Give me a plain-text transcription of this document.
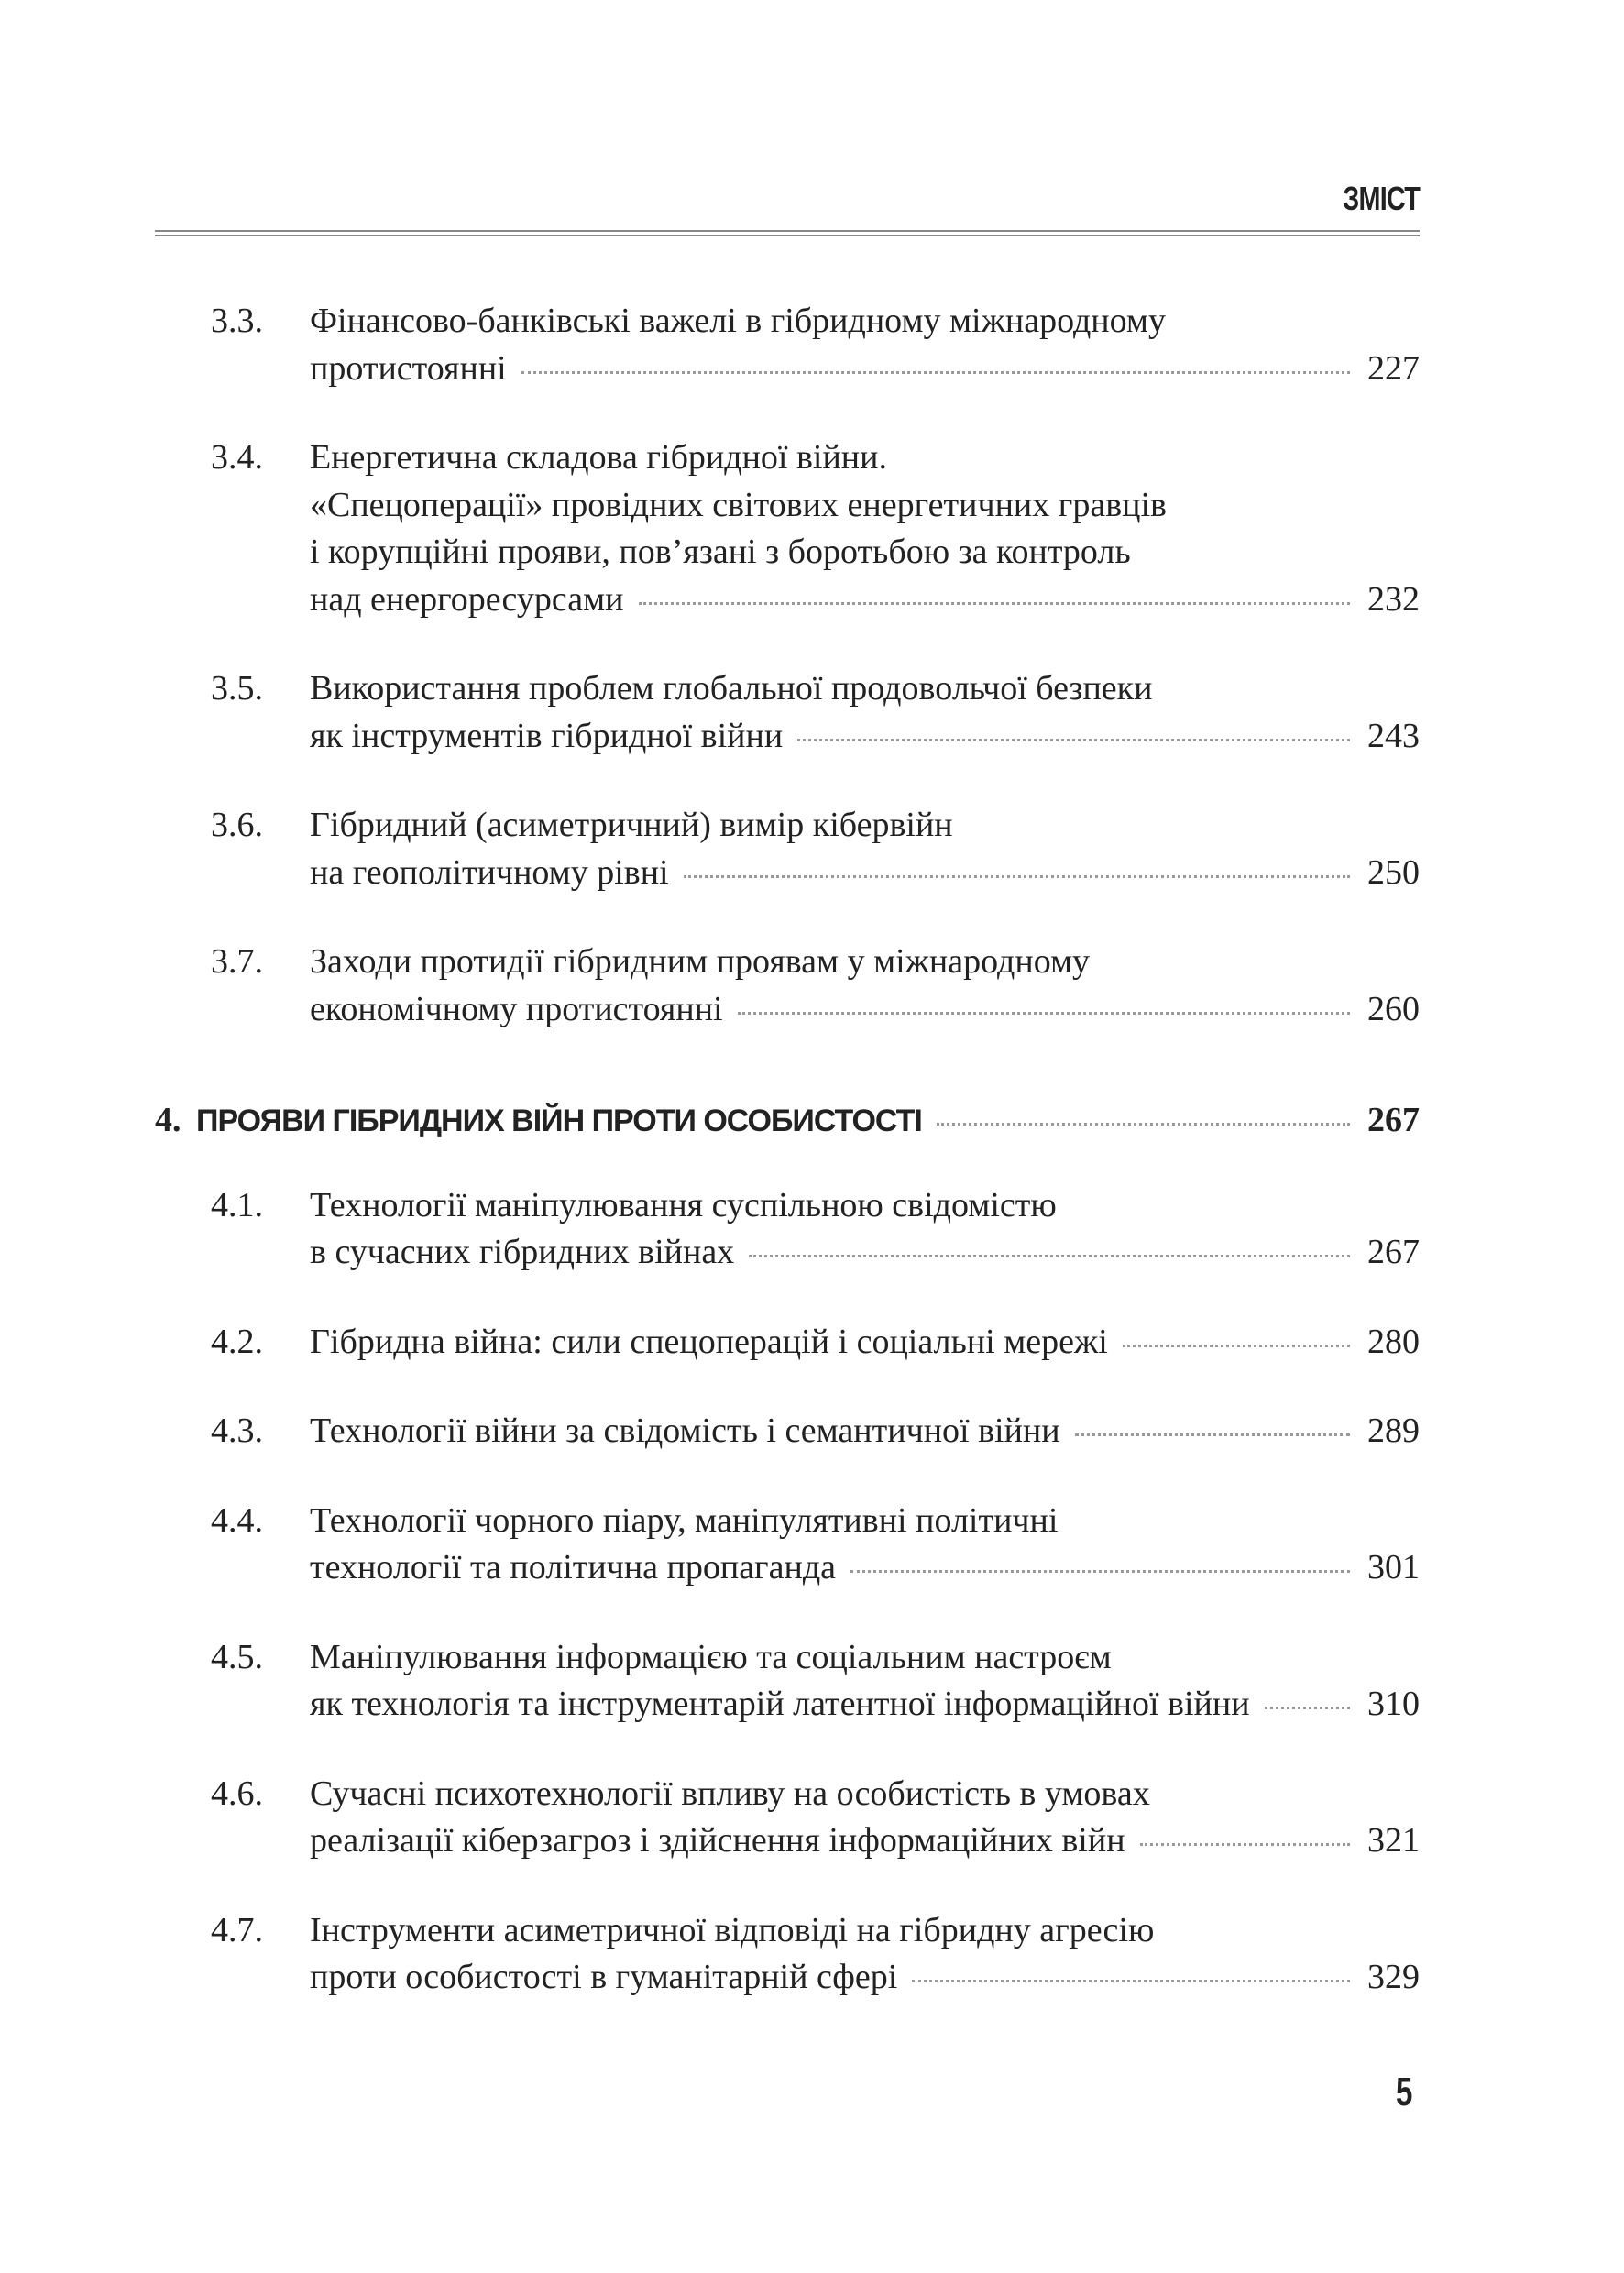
ЗМІСТ
3.3.	Фінансово-банківські важелі в гібридному міжнародному
протистоянні	227
3.4.	Енергетична складова гібридної війни.
«Спецоперації» провідних світових енергетичних гравців
і корупційні прояви, пов’язані з боротьбою за контроль
над енергоресурсами	232
3.5.	Використання проблем глобальної продовольчої безпеки
як інструментів гібридної війни	243
3.6.	Гібридний (асиметричний) вимір кібервійн
на геополітичному рівні	250
3.7.	Заходи протидії гібридним проявам у міжнародному
економічному протистоянні	260
4. ПРОЯВИ ГІБРИДНИХ ВІЙН ПРОТИ ОСОБИСТОСТІ	267
4.1.	Технології маніпулювання суспільною свідомістю
в сучасних гібридних війнах	267
4.2.	Гібридна війна: сили спецоперацій і соціальні мережі	280
4.3.	Технології війни за свідомість і семантичної війни	289
4.4.	Технології чорного піару, маніпулятивні політичні
технології та політична пропаганда	301
4.5.	Маніпулювання інформацією та соціальним настроєм
як технологія та інструментарій латентної інформаційної війни	310
4.6.	Сучасні психотехнології впливу на особистість в умовах
реалізації кіберзагроз і здійснення інформаційних війн	321
4.7.	Інструменти асиметричної відповіді на гібридну агресію
проти особистості в гуманітарній сфері	329
5
